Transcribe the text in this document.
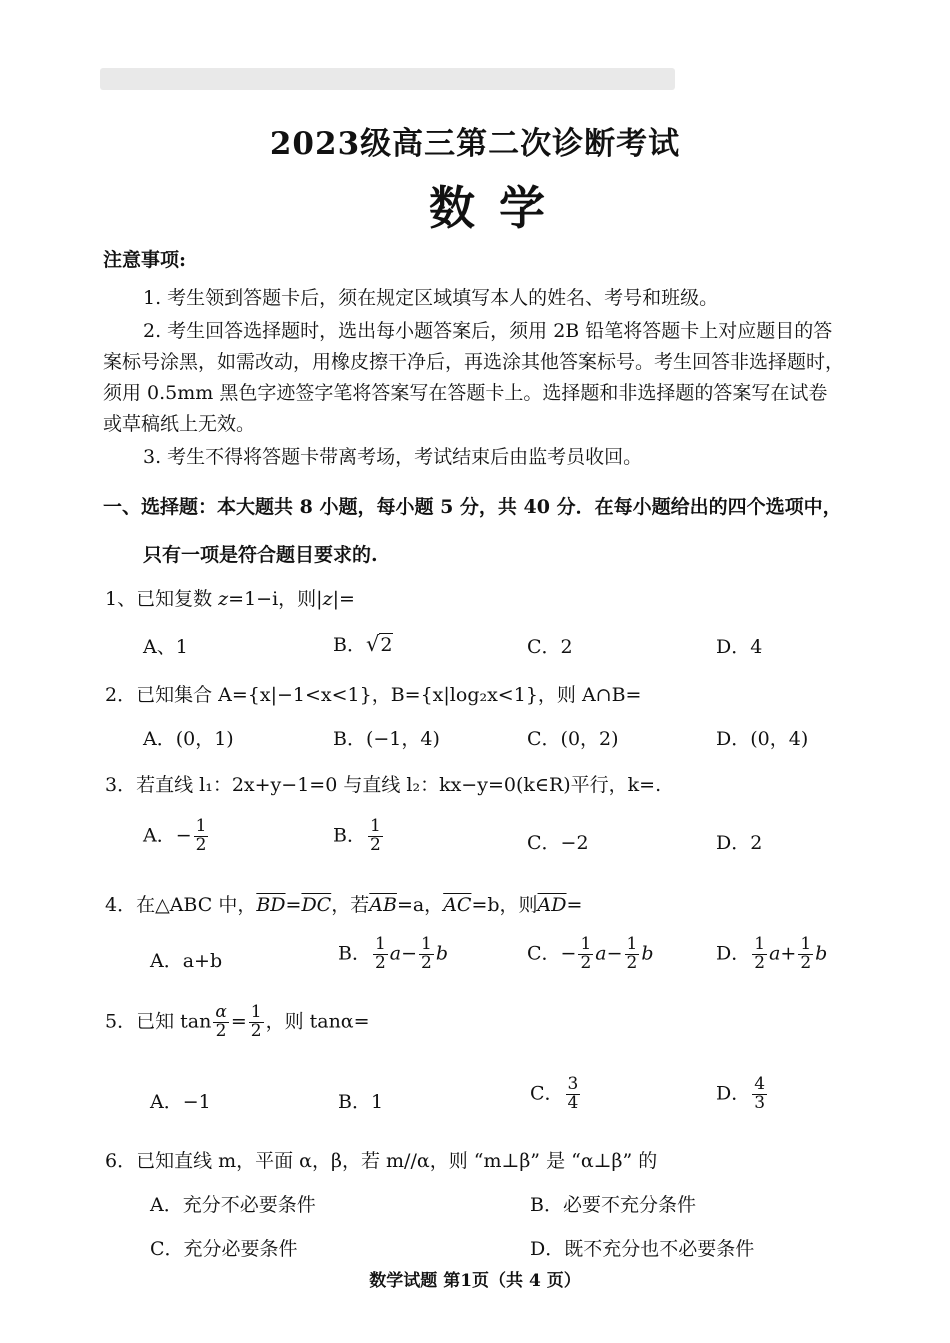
2023级高三第二次诊断考试
数学
注意事项:
1. 考生领到答题卡后，须在规定区域填写本人的姓名、考号和班级。
2. 考生回答选择题时，选出每小题答案后，须用 2B 铅笔将答题卡上对应题目的答
案标号涂黑，如需改动，用橡皮擦干净后，再选涂其他答案标号。考生回答非选择题时，
须用 0.5mm 黑色字迹签字笔将答案写在答题卡上。选择题和非选择题的答案写在试卷
或草稿纸上无效。
3. 考生不得将答题卡带离考场，考试结束后由监考员收回。
一、选择题：本大题共 8 小题，每小题 5 分，共 40 分．在每小题给出的四个选项中，
只有一项是符合题目要求的.
1、已知复数 z=1−i，则|z|=
A、1	B．√2	C．2	D．4
2．已知集合 A={x|−1<x<1}，B={x|log₂x<1}，则 A∩B=
A．(0，1)	B．(−1，4)	C．(0，2)	D．(0，4)
3．若直线 l₁：2x+y−1=0 与直线 l₂：kx−y=0(k∈R)平行，k=.
A．− $\frac{1}{2}$	B． $\frac{1}{2}$	C．−2	D．2
4．在△ABC 中，$\overline{BD}=\overline{DC}$，若$\overline{AB}=a$，$\overline{AC}=b$，则$\overline{AD}=$
A．a+b	B． $\frac{1}{2} a- \frac{1}{2}$ b	C．− $\frac{1}{2} a- \frac{1}{2}$ b	D． $\frac{1}{2} a+ \frac{1}{2}$ b
5．已知 $\tan \frac{\alpha}{2} = \frac{1}{2}$ ，则 tanα=
A．−1	B．1	C． $\frac{3}{4}$	D． $\frac{4}{3}$
6．已知直线 m，平面 α，β，若 m//α，则 “m⊥β” 是 “α⊥β” 的
A．充分不必要条件	B．必要不充分条件
C．充分必要条件	D．既不充分也不必要条件
数学试题 第1页（共 4 页）
